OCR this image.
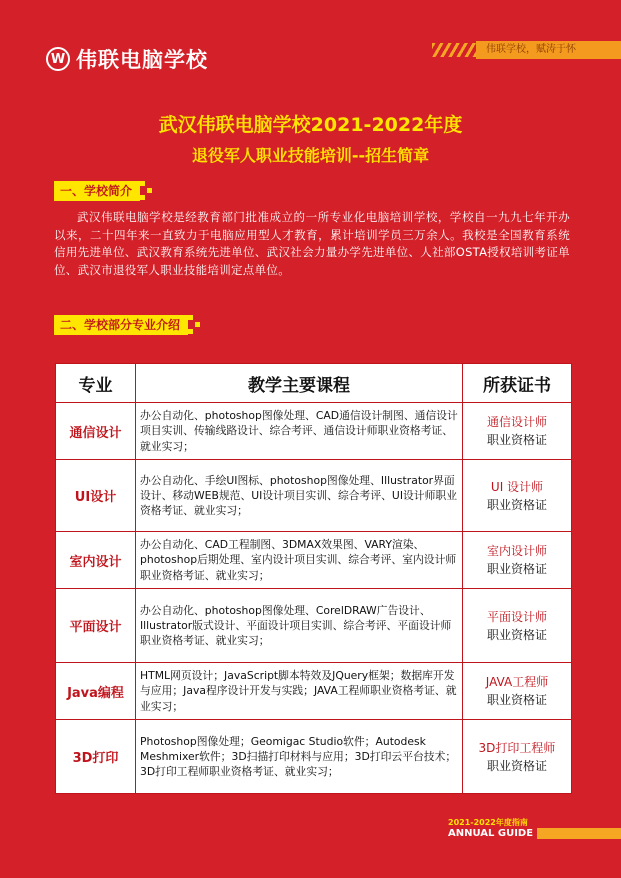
W 伟联电脑学校	伟联学校，赋涛于怀
武汉伟联电脑学校2021-2022年度
退役军人职业技能培训--招生简章
一、学校简介
武汉伟联电脑学校是经教育部门批准成立的一所专业化电脑培训学校，学校自一九九七年开办以来，二十四年来一直致力于电脑应用型人才教育，累计培训学员三万余人。我校是全国教育系统信用先进单位、武汉教育系统先进单位、武汉社会力量办学先进单位、人社部OSTA授权培训考证单位、武汉市退役军人职业技能培训定点单位。
二、学校部分专业介绍
专业	教学主要课程	所获证书
通信设计	办公自动化、photoshop图像处理、CAD通信设计制图、通信设计项目实训、传输线路设计、综合考评、通信设计师职业资格考证、就业实习；	通信设计师
职业资格证

UI设计	办公自动化、手绘UI图标、photoshop图像处理、Illustrator界面设计、移动WEB规范、UI设计项目实训、综合考评、UI设计师职业资格考证、就业实习；	UI 设计师
职业资格证

室内设计	办公自动化、CAD工程制图、3DMAX效果图、VARY渲染、photoshop后期处理、室内设计项目实训、综合考评、室内设计师职业资格考证、就业实习；	室内设计师
职业资格证

平面设计	办公自动化、photoshop图像处理、CorelDRAW广告设计、Illustrator版式设计、平面设计项目实训、综合考评、平面设计师职业资格考证、就业实习；	平面设计师
职业资格证

Java编程	HTML网页设计；JavaScript脚本特效及JQuery框架；数据库开发与应用；Java程序设计开发与实践；JAVA工程师职业资格考证、就业实习；	JAVA工程师
职业资格证

3D打印	Photoshop图像处理；Geomigac Studio软件；Autodesk Meshmixer软件；3D扫描打印材料与应用；3D打印云平台技术；3D打印工程师职业资格考证、就业实习；	3D打印工程师
职业资格证
2021-2022年度指南
ANNUAL GUIDE
